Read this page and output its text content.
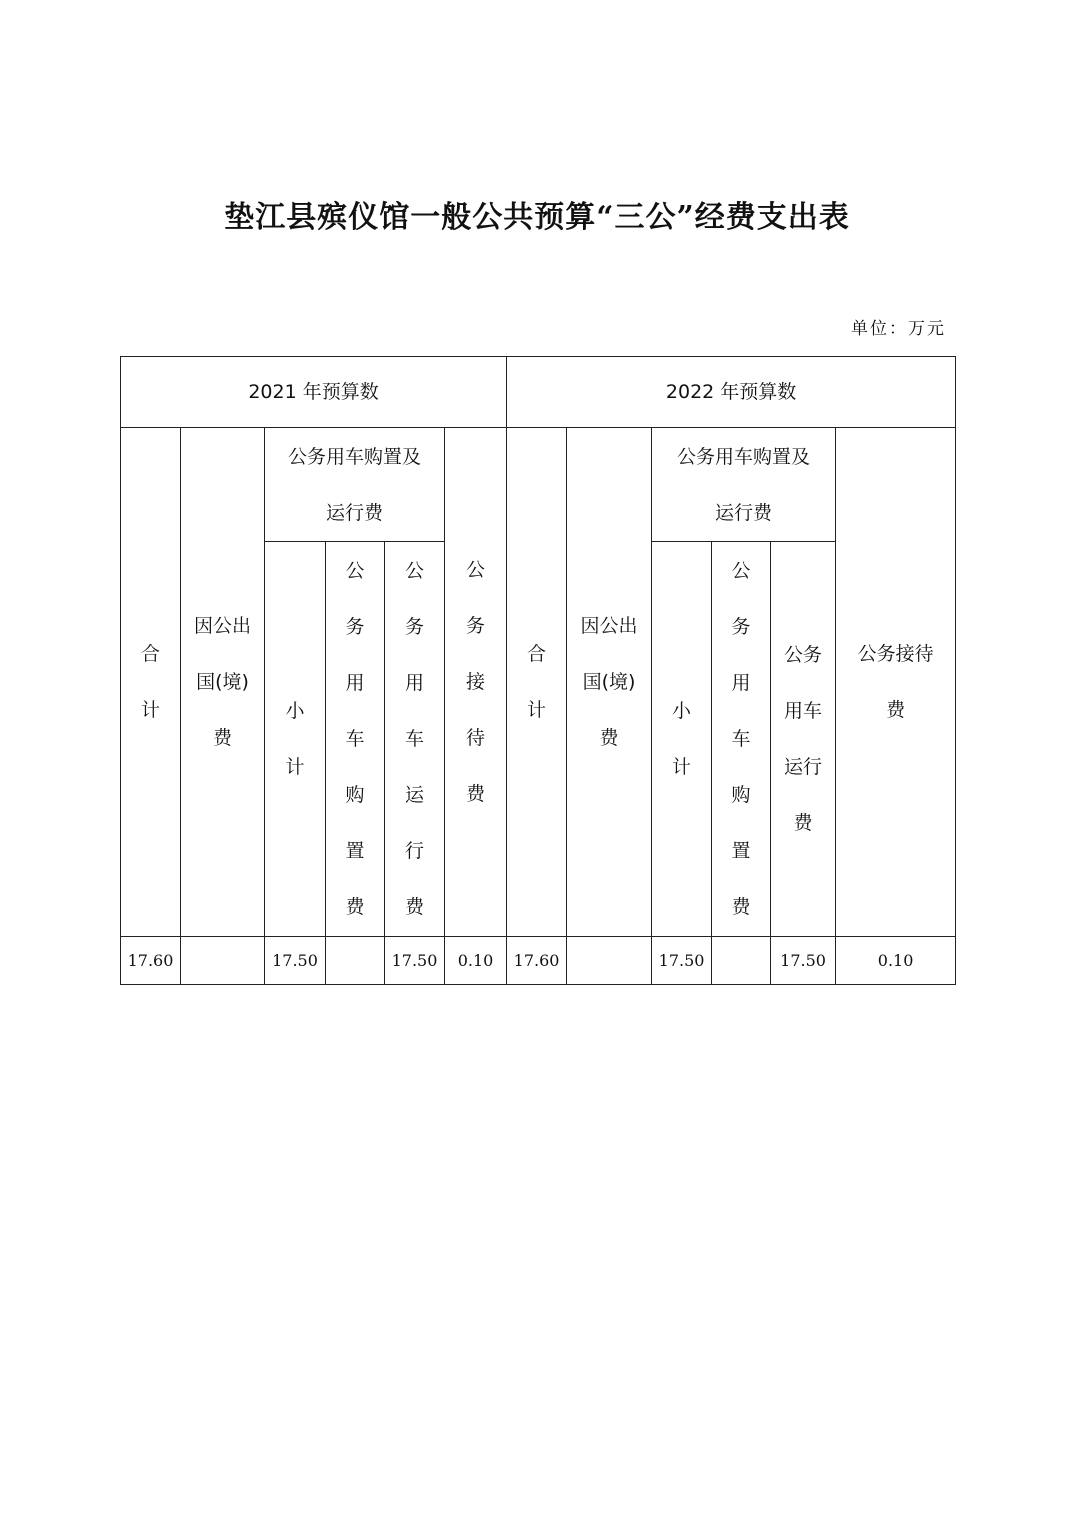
垫江县殡仪馆一般公共预算“三公”经费支出表
单位：万元
2021 年预算数						2022 年预算数					
合计	因公出国(境)费	公务用车购置及运行费			公务接待费	合计	因公出国(境)费	公务用车购置及运行费			公务接待费
		小计	公务用车购置费	公务用车运行费				小计	公务用车购置费	公务用车运行费	
17.60		17.50		17.50	0.10	17.60		17.50		17.50	0.10
